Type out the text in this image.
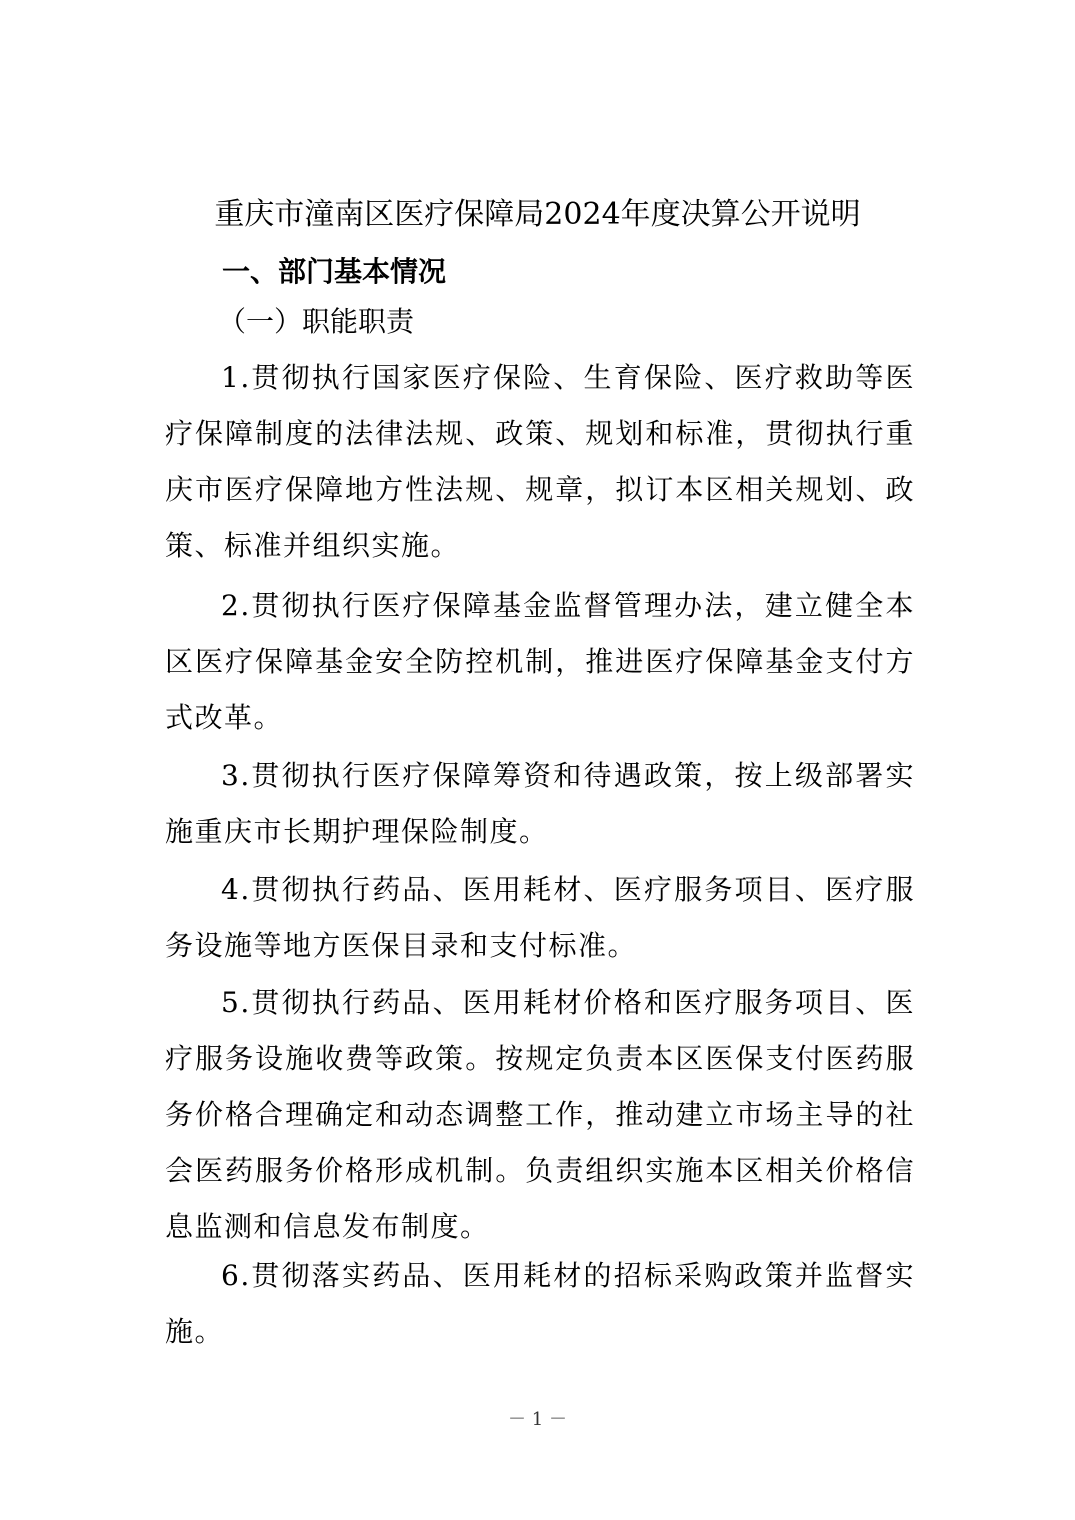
重庆市潼南区医疗保障局2024年度决算公开说明
一、部门基本情况
（一）职能职责

1.贯彻执行国家医疗保险、生育保险、医疗救助等医疗保障制度的法律法规、政策、规划和标准，贯彻执行重庆市医疗保障地方性法规、规章，拟订本区相关规划、政策、标准并组织实施。

2.贯彻执行医疗保障基金监督管理办法，建立健全本区医疗保障基金安全防控机制，推进医疗保障基金支付方式改革。

3.贯彻执行医疗保障筹资和待遇政策，按上级部署实施重庆市长期护理保险制度。

4.贯彻执行药品、医用耗材、医疗服务项目、医疗服务设施等地方医保目录和支付标准。

5.贯彻执行药品、医用耗材价格和医疗服务项目、医疗服务设施收费等政策。按规定负责本区医保支付医药服务价格合理确定和动态调整工作，推动建立市场主导的社会医药服务价格形成机制。负责组织实施本区相关价格信息监测和信息发布制度。

6.贯彻落实药品、医用耗材的招标采购政策并监督实施。

－ 1 －
